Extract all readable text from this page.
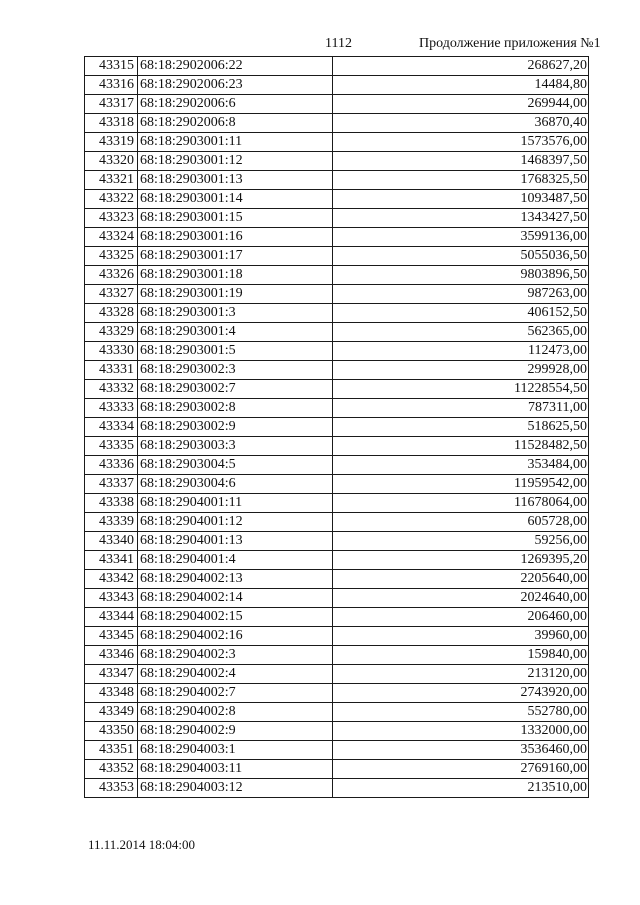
1112	Продолжение приложения №1
43315	68:18:2902006:22	268627,20
43316	68:18:2902006:23	14484,80
43317	68:18:2902006:6	269944,00
43318	68:18:2902006:8	36870,40
43319	68:18:2903001:11	1573576,00
43320	68:18:2903001:12	1468397,50
43321	68:18:2903001:13	1768325,50
43322	68:18:2903001:14	1093487,50
43323	68:18:2903001:15	1343427,50
43324	68:18:2903001:16	3599136,00
43325	68:18:2903001:17	5055036,50
43326	68:18:2903001:18	9803896,50
43327	68:18:2903001:19	987263,00
43328	68:18:2903001:3	406152,50
43329	68:18:2903001:4	562365,00
43330	68:18:2903001:5	112473,00
43331	68:18:2903002:3	299928,00
43332	68:18:2903002:7	11228554,50
43333	68:18:2903002:8	787311,00
43334	68:18:2903002:9	518625,50
43335	68:18:2903003:3	11528482,50
43336	68:18:2903004:5	353484,00
43337	68:18:2903004:6	11959542,00
43338	68:18:2904001:11	11678064,00
43339	68:18:2904001:12	605728,00
43340	68:18:2904001:13	59256,00
43341	68:18:2904001:4	1269395,20
43342	68:18:2904002:13	2205640,00
43343	68:18:2904002:14	2024640,00
43344	68:18:2904002:15	206460,00
43345	68:18:2904002:16	39960,00
43346	68:18:2904002:3	159840,00
43347	68:18:2904002:4	213120,00
43348	68:18:2904002:7	2743920,00
43349	68:18:2904002:8	552780,00
43350	68:18:2904002:9	1332000,00
43351	68:18:2904003:1	3536460,00
43352	68:18:2904003:11	2769160,00
43353	68:18:2904003:12	213510,00
11.11.2014 18:04:00
